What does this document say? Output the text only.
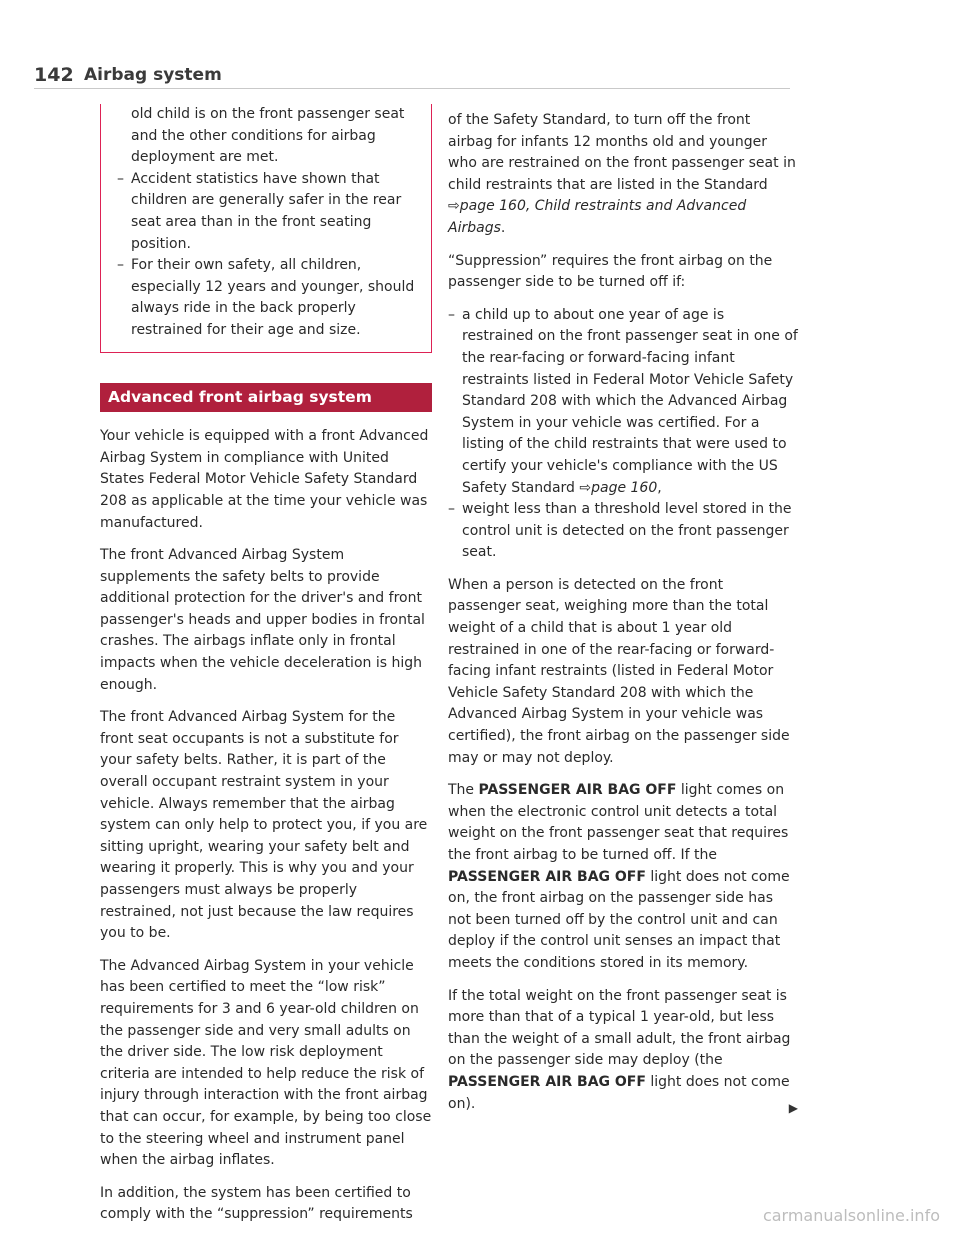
142 Airbag system

old child is on the front passenger seat and the other conditions for airbag deployment are met.

– Accident statistics have shown that children are generally safer in the rear seat area than in the front seating position.
– For their own safety, all children, especially 12 years and younger, should always ride in the back properly restrained for their age and size.
Advanced front airbag system

Your vehicle is equipped with a front Advanced Airbag System in compliance with United States Federal Motor Vehicle Safety Standard 208 as applicable at the time your vehicle was manufactured.

The front Advanced Airbag System supplements the safety belts to provide additional protection for the driver's and front passenger's heads and upper bodies in frontal crashes. The airbags inflate only in frontal impacts when the vehicle deceleration is high enough.

The front Advanced Airbag System for the front seat occupants is not a substitute for your safety belts. Rather, it is part of the overall occupant restraint system in your vehicle. Always remember that the airbag system can only help to protect you, if you are sitting upright, wearing your safety belt and wearing it properly. This is why you and your passengers must always be properly restrained, not just because the law requires you to be.

The Advanced Airbag System in your vehicle has been certified to meet the “low risk” requirements for 3 and 6 year-old children on the passenger side and very small adults on the driver side. The low risk deployment criteria are intended to help reduce the risk of injury through interaction with the front airbag that can occur, for example, by being too close to the steering wheel and instrument panel when the airbag inflates.

In addition, the system has been certified to comply with the “suppression” requirements

of the Safety Standard, to turn off the front airbag for infants 12 months old and younger who are restrained on the front passenger seat in child restraints that are listed in the Standard ⇨page 160, Child restraints and Advanced Airbags.

“Suppression” requires the front airbag on the passenger side to be turned off if:

– a child up to about one year of age is restrained on the front passenger seat in one of the rear-facing or forward-facing infant restraints listed in Federal Motor Vehicle Safety Standard 208 with which the Advanced Airbag System in your vehicle was certified. For a listing of the child restraints that were used to certify your vehicle's compliance with the US Safety Standard ⇨page 160,
– weight less than a threshold level stored in the control unit is detected on the front passenger seat.

When a person is detected on the front passenger seat, weighing more than the total weight of a child that is about 1 year old restrained in one of the rear-facing or forward-facing infant restraints (listed in Federal Motor Vehicle Safety Standard 208 with which the Advanced Airbag System in your vehicle was certified), the front airbag on the passenger side may or may not deploy.

The PASSENGER AIR BAG OFF light comes on when the electronic control unit detects a total weight on the front passenger seat that requires the front airbag to be turned off. If the PASSENGER AIR BAG OFF light does not come on, the front airbag on the passenger side has not been turned off by the control unit and can deploy if the control unit senses an impact that meets the conditions stored in its memory.

If the total weight on the front passenger seat is more than that of a typical 1 year-old, but less than the weight of a small adult, the front airbag on the passenger side may deploy (the PASSENGER AIR BAG OFF light does not come on).	▶

carmanualsonline.info
